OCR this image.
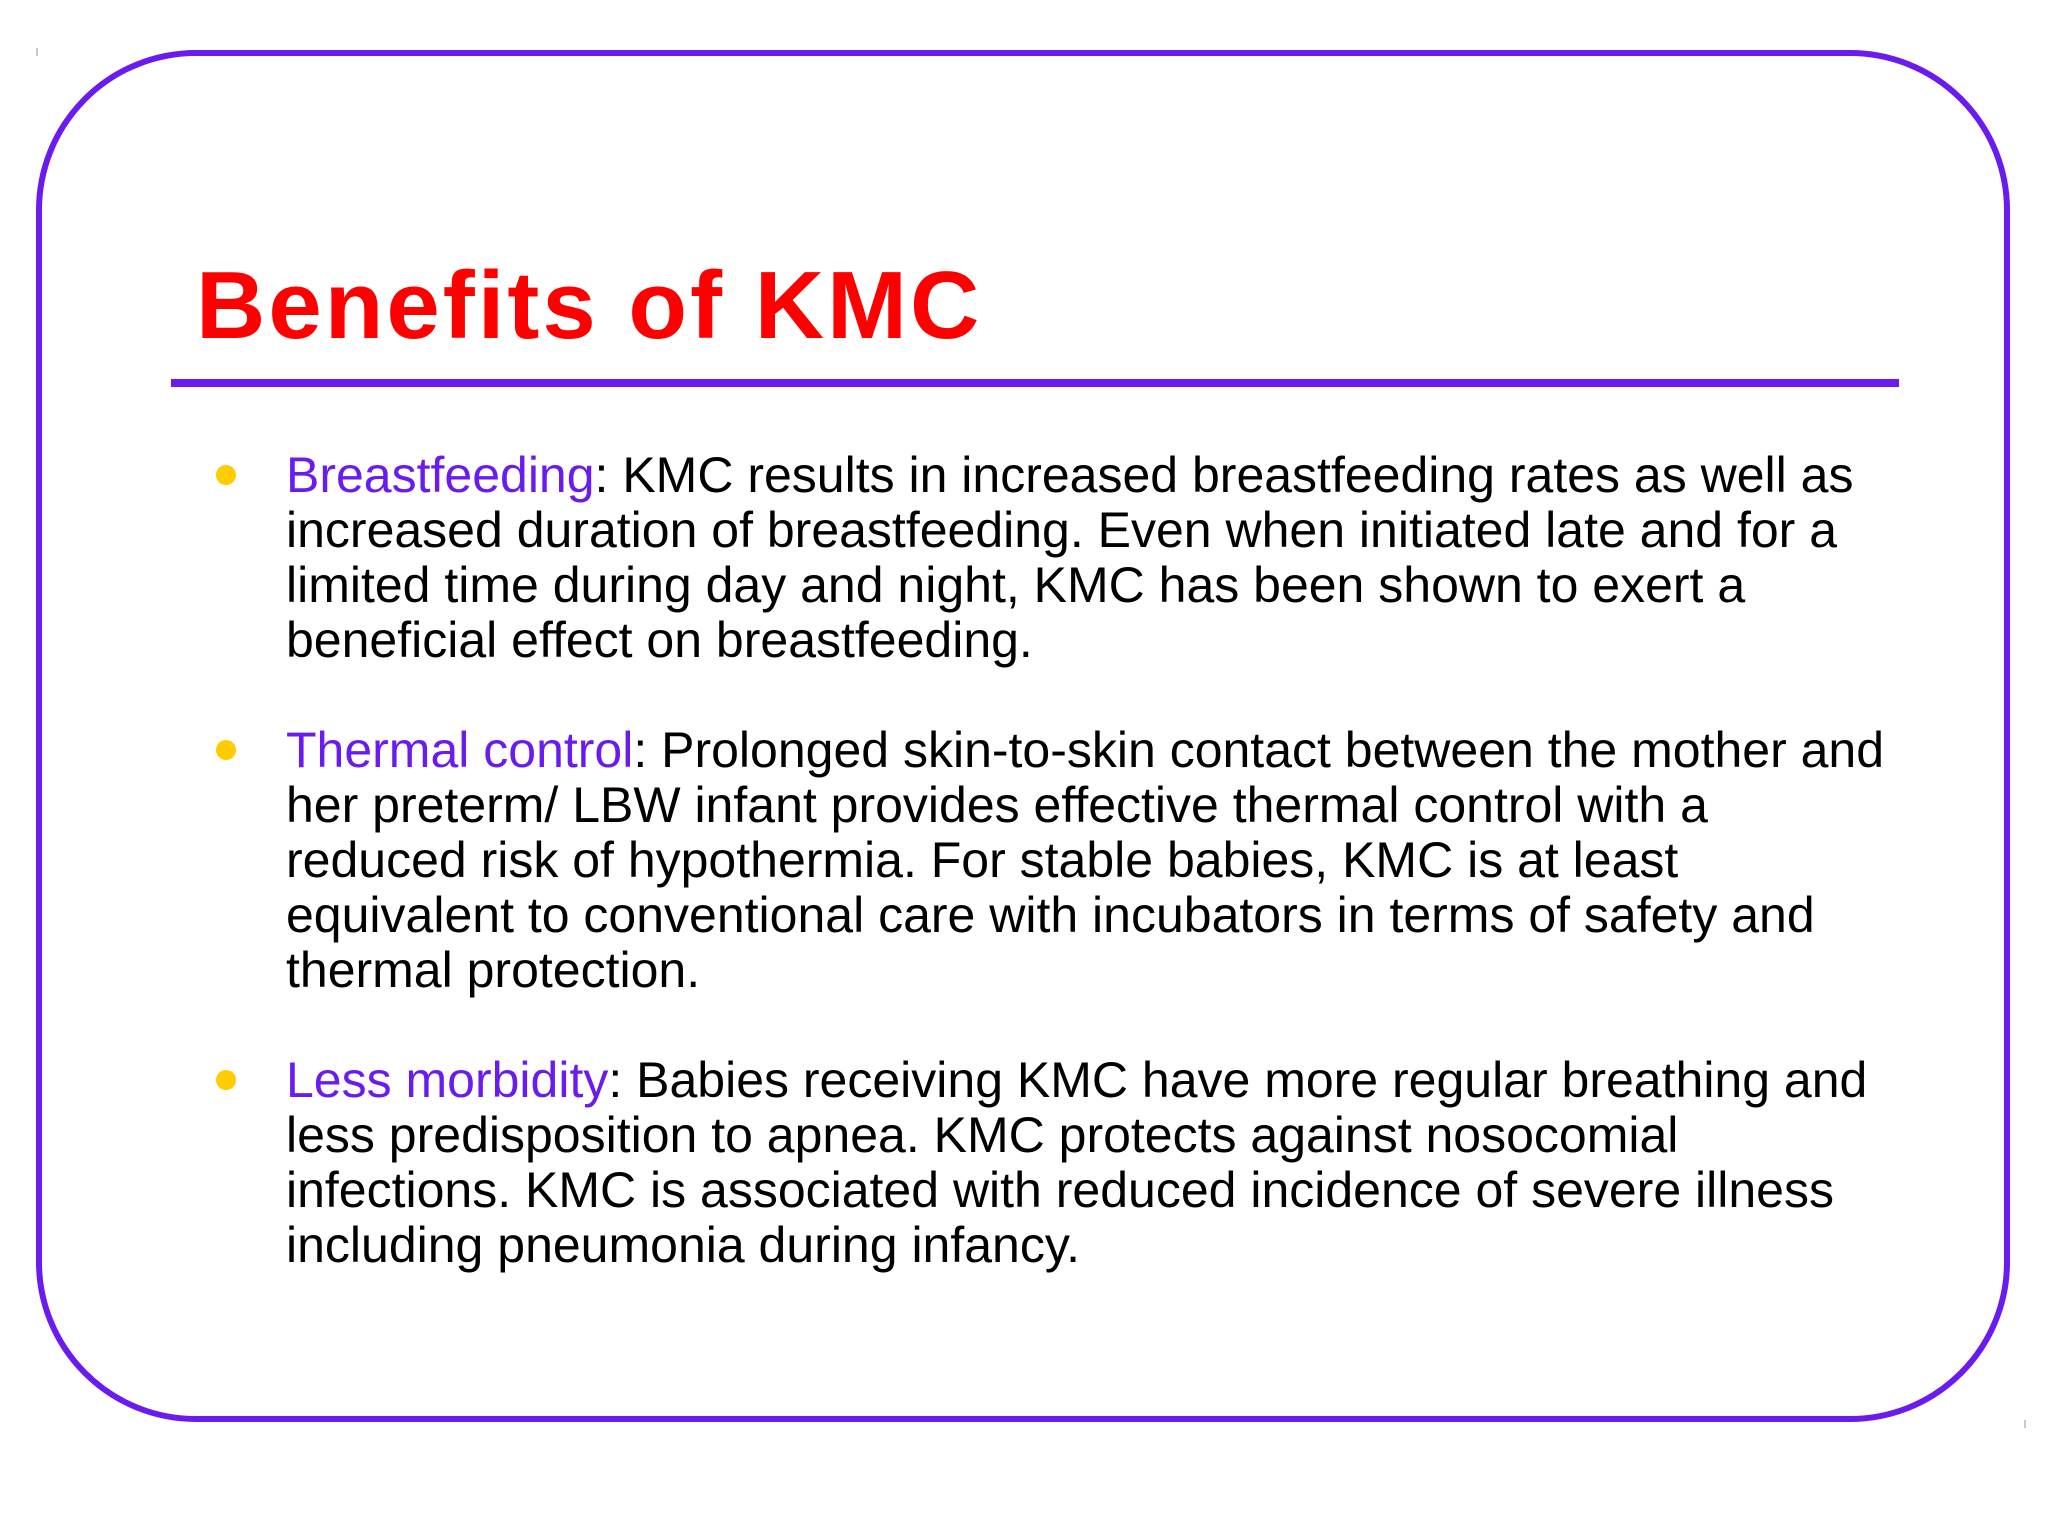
Benefits of KMC
Breastfeeding: KMC results in increased breastfeeding rates as well as increased duration of breastfeeding. Even when initiated late and for a limited time during day and night, KMC has been shown to exert a beneficial effect on breastfeeding.
Thermal control: Prolonged skin-to-skin contact between the mother and her preterm/ LBW infant provides effective thermal control with a reduced risk of hypothermia. For stable babies, KMC is at least equivalent to conventional care with incubators in terms of safety and thermal protection.
Less morbidity: Babies receiving KMC have more regular breathing and less predisposition to apnea. KMC protects against nosocomial infections. KMC is associated with reduced incidence of severe illness including pneumonia during infancy.
